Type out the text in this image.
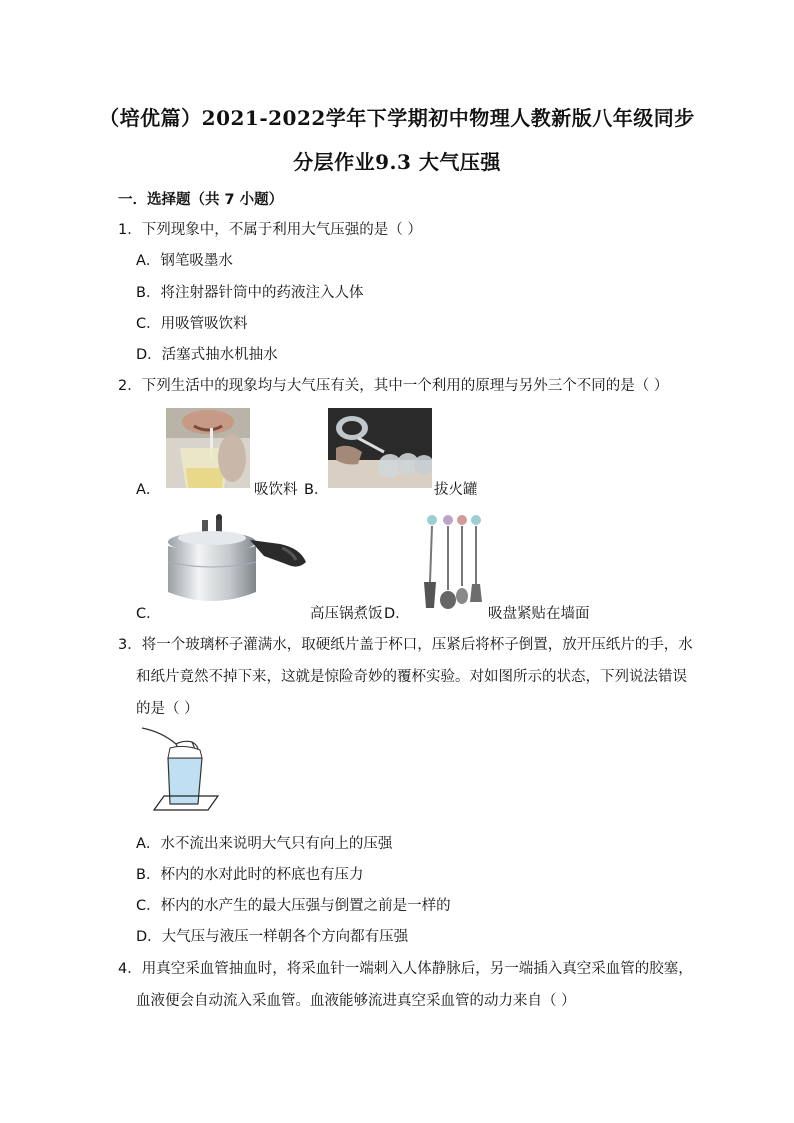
（培优篇）2021-2022学年下学期初中物理人教新版八年级同步
分层作业9.3 大气压强
一．选择题（共 7 小题）
1．下列现象中，不属于利用大气压强的是（ ）
A．钢笔吸墨水
B．将注射器针筒中的药液注入人体
C．用吸管吸饮料
D．活塞式抽水机抽水
2．下列生活中的现象均与大气压有关，其中一个利用的原理与另外三个不同的是（ ）
A．	吸饮料 B．	拔火罐
C．	高压锅煮饭 D．	吸盘紧贴在墙面
3．将一个玻璃杯子灌满水，取硬纸片盖于杯口，压紧后将杯子倒置，放开压纸片的手，水
和纸片竟然不掉下来，这就是惊险奇妙的覆杯实验。对如图所示的状态，下列说法错误
的是（ ）
A．水不流出来说明大气只有向上的压强
B．杯内的水对此时的杯底也有压力
C．杯内的水产生的最大压强与倒置之前是一样的
D．大气压与液压一样朝各个方向都有压强
4．用真空采血管抽血时，将采血针一端刺入人体静脉后，另一端插入真空采血管的胶塞，
血液便会自动流入采血管。血液能够流进真空采血管的动力来自（ ）
